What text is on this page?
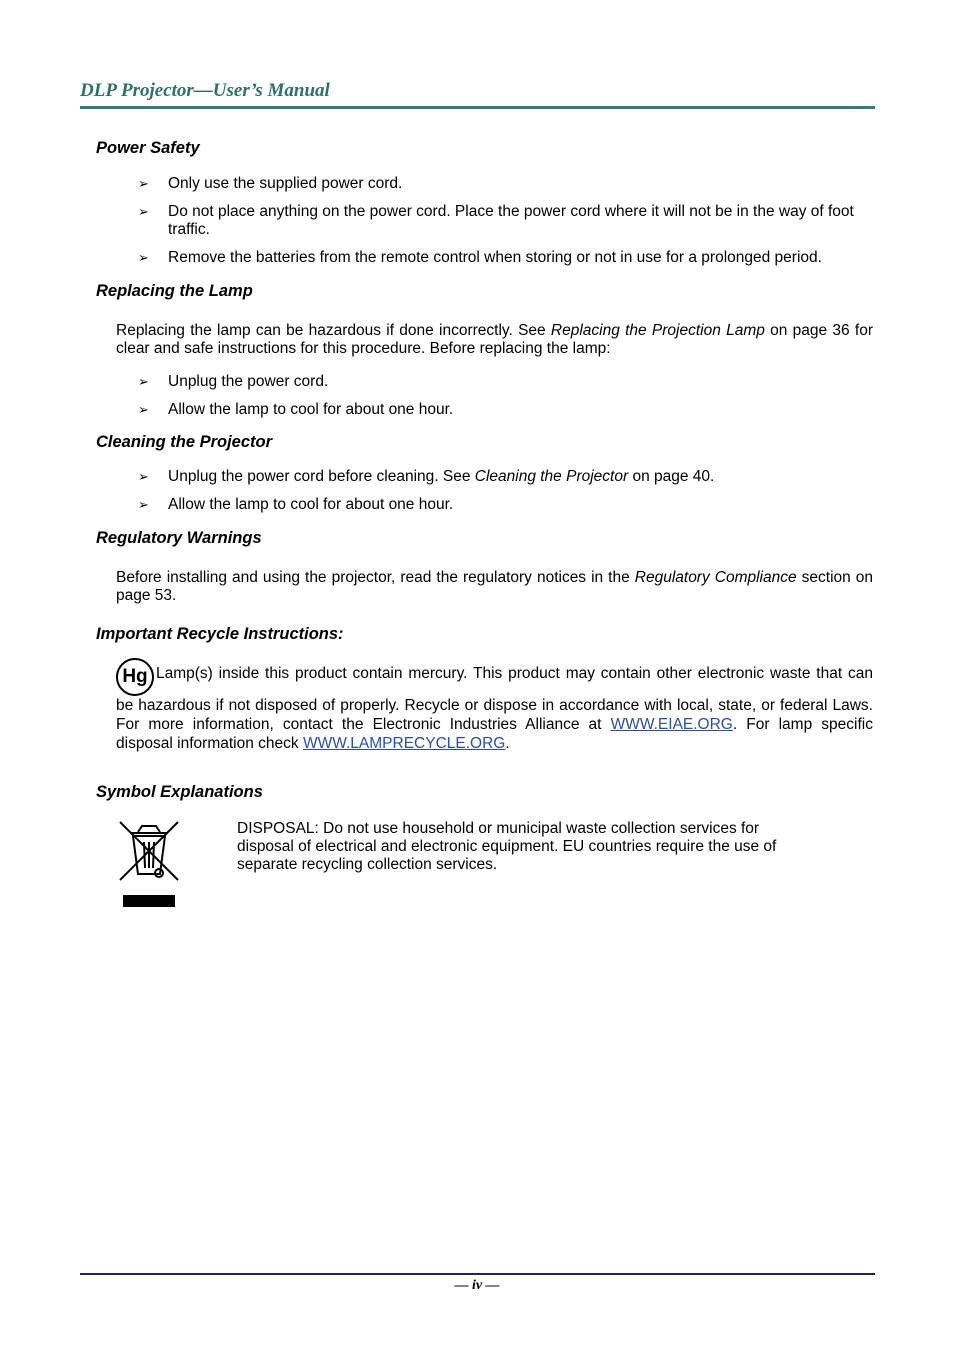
DLP Projector—User’s Manual
Power Safety
➢ Only use the supplied power cord.
➢ Do not place anything on the power cord. Place the power cord where it will not be in the way of foot traffic.
➢ Remove the batteries from the remote control when storing or not in use for a prolonged period.
Replacing the Lamp

Replacing the lamp can be hazardous if done incorrectly. See Replacing the Projection Lamp on page 36 for clear and safe instructions for this procedure. Before replacing the lamp:

➢ Unplug the power cord.
➢ Allow the lamp to cool for about one hour.
Cleaning the Projector
➢ Unplug the power cord before cleaning. See Cleaning the Projector on page 40.
➢ Allow the lamp to cool for about one hour.
Regulatory Warnings

Before installing and using the projector, read the regulatory notices in the Regulatory Compliance section on page 53.

Important Recycle Instructions:

Hg Lamp(s) inside this product contain mercury. This product may contain other electronic waste that can be hazardous if not disposed of properly. Recycle or dispose in accordance with local, state, or federal Laws. For more information, contact the Electronic Industries Alliance at WWW.EIAE.ORG. For lamp specific disposal information check WWW.LAMPRECYCLE.ORG.

Symbol Explanations
DISPOSAL: Do not use household or municipal waste collection services for disposal of electrical and electronic equipment. EU countries require the use of separate recycling collection services.
— iv —
